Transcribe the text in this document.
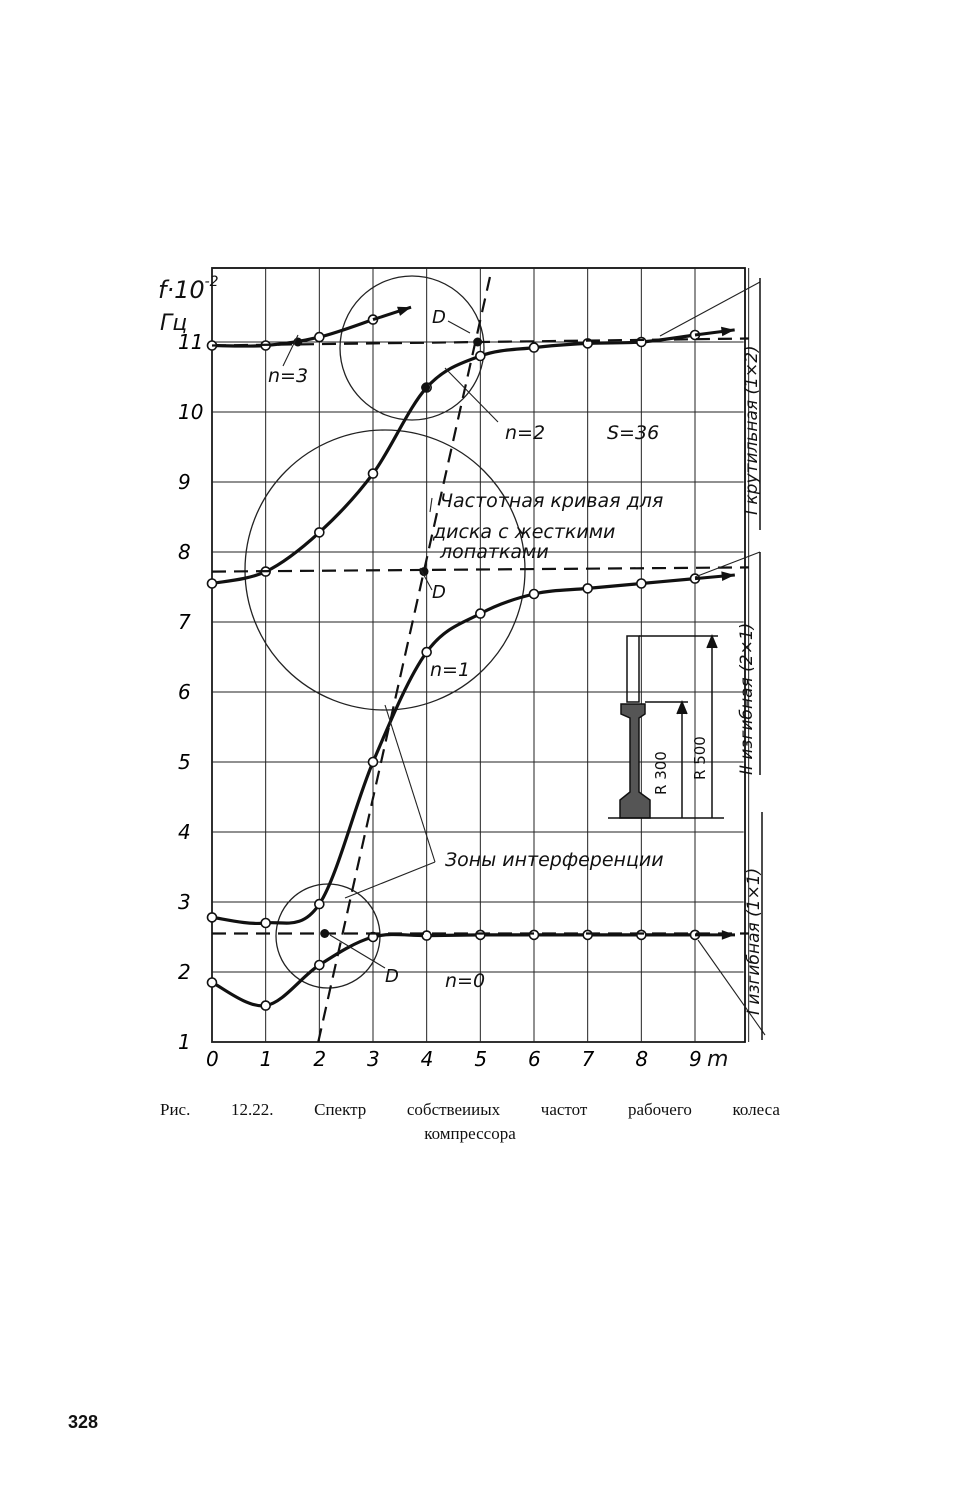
0 1 2 3 4 5 6 7 8 9
1
2
3
4
5
6
7
8
9
10
11
$f\cdot 10^{-2}$
Гц
m
n=3
n=2	S=36
n=1
n=0
D
D
D
Частотная кривая для
диска с жесткими
лопатками
Зоны интерференции
I крутильная (1×2)
II изгибная (2×1)
I изгибная (1×1)
R 300 R 500
Рис. 12.22. Спектр собствеииых частот рабочего колеса
компрессора
328
